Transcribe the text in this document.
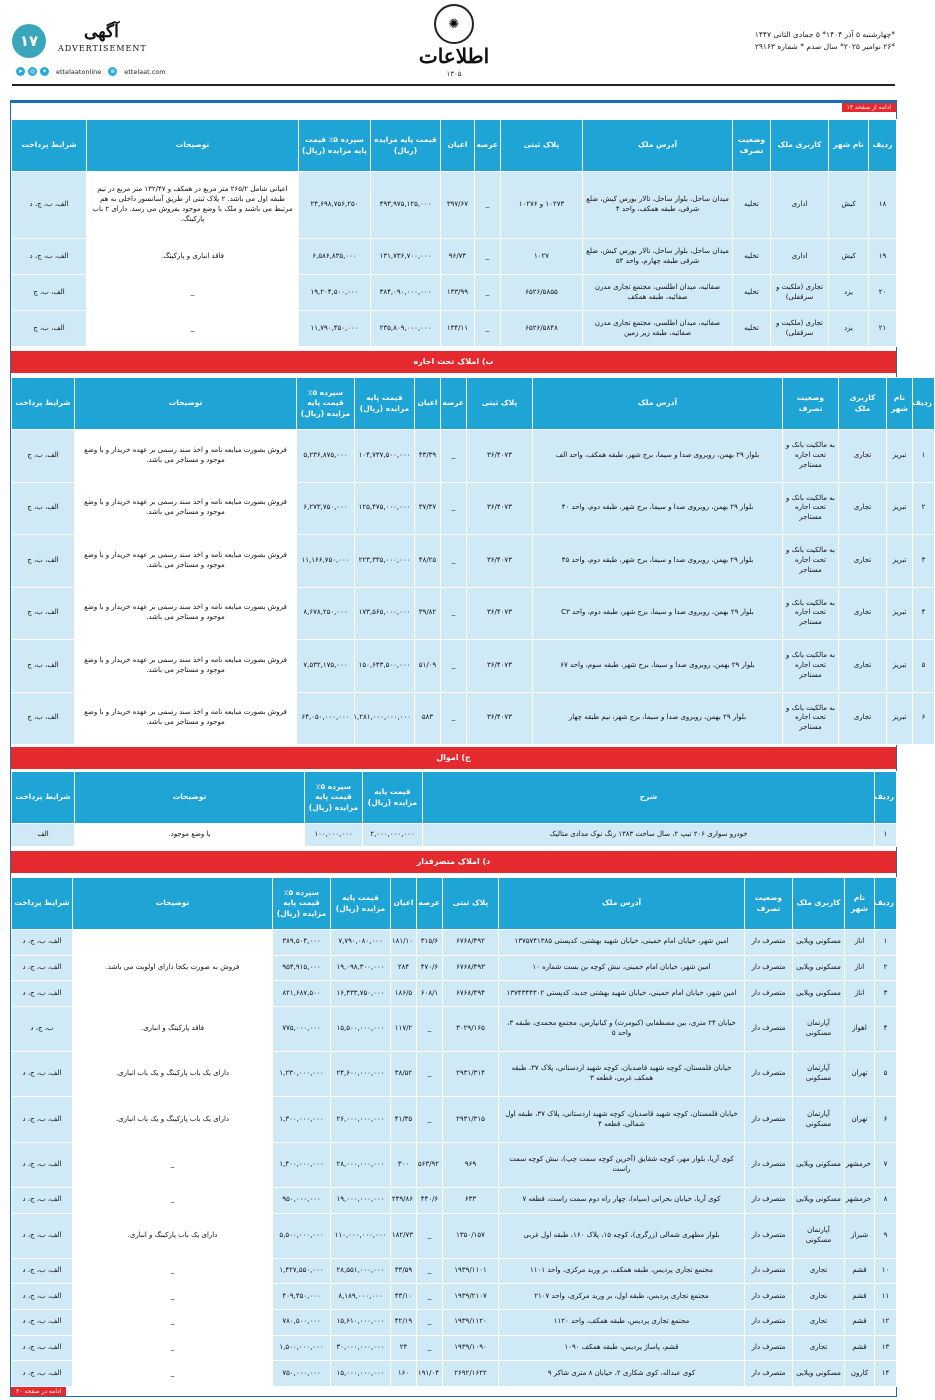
۱۷	آگهی
ADVERTISEMENT
➤	◎	✦	ettelaatonline	⊕	ettelaat.com
✺
اطلاعات
۱۳۰۵
*چهارشنبه ۵ آذر ۱۴۰۴* ۵ جمادی الثانی ۱۴۴۷
*۲۶ نوامبر ۲۰۲۵* سال صدم * شماره ۲۹۱۶۳
ادامه از صفحه ۱۴
ردیف	نام شهر	کاربری ملک	وضعیت تصرف	آدرس ملک	پلاک ثبتی	عرصه	اعیان	قیمت پایه مزایده (ریال)	سپرده ۵٪ قیمت پایه مزایده (ریال)	توضیحات	شرایط پرداخت
۱۸	کیش	اداری	تخلیه	میدان ساحل، بلوار ساحل، تالار بورس کیش، ضلع شرقی، طبقه همکف، واحد ۴	۱۰۲۷۳ و ۱۰۲۷۶	_	۳۹۷/۶۷	۴۹۳,۹۷۵,۱۲۵,۰۰۰	۲۴,۶۹۸,۷۵۶,۲۵۰	اعیانی شامل ۲۶۵/۲ متر مربع در همکف و ۱۳۲/۴۷ متر مربع در نیم طبقه اول می باشد. ۲ پلاک ثبتی از طریق آسانسور داخلی به هم مرتبط می باشند و ملک با وضع موجود بفروش می رسد. دارای ۲ باب پارکینگ.	الف، ب، ج، د
۱۹	کیش	اداری	تخلیه	میدان ساحل، بلوار ساحل، تالار بورس کیش، ضلع شرقی طبقه چهارم، واحد ۵۴	۱۰۲۷	_	۹۶/۷۴	۱۳۱,۷۳۶,۷۰۰,۰۰۰	۶,۵۸۶,۸۳۵,۰۰۰	فاقد انباری و پارکینگ.	الف، ب، ج، د
۲۰	یزد	تجاری (ملکیت و سرقفلی)	تخلیه	صفائیه، میدان اطلسی، مجتمع تجاری مدرن صفائیه، طبقه همکف	۶۵۲۶/۵۸۵۵	_	۱۳۳/۹۹	۳۸۴,۰۹۰,۰۰۰,۰۰۰	۱۹,۲۰۴,۵۰۰,۰۰۰	_	الف، ب، ج
۲۱	یزد	تجاری (ملکیت و سرقفلی)	تخلیه	صفائیه، میدان اطلسی، مجتمع تجاری مدرن صفائیه، طبقه زیر زمین	۶۵۲۶/۵۸۴۸	_	۱۳۴/۱۱	۲۳۵,۸۰۹,۰۰۰,۰۰۰	۱۱,۷۹۰,۴۵۰,۰۰۰	_	الف، ب، ج
ب) املاک تحت اجاره
ردیف	نام شهر	کاربری ملک	وضعیت تصرف	آدرس ملک	پلاک ثبتی	عرصه	اعیان	قیمت پایه مزایده (ریال)	سپرده ۵٪ قیمت پایه مزایده (ریال)	توضیحات	شرایط پرداخت
۱	تبریز	تجاری	به مالکیت بانک و تحت اجاره مستاجر	بلوار ۲۹ بهمن، روبروی صدا و سیما، برج شهر، طبقه همکف، واحد الف	۳۶/۴۰۷۳	_	۴۳/۳۹	۱۰۴,۷۳۷,۵۰۰,۰۰۰	۵,۲۳۶,۸۷۵,۰۰۰	فروش بصورت مبایعه نامه و اخذ سند رسمی بر عهده خریدار و با وضع موجود و مستاجر می باشد.	الف، ب، ج
۲	تبریز	تجاری	به مالکیت بانک و تحت اجاره مستاجر	بلوار ۲۹ بهمن، روبروی صدا و سیما، برج شهر، طبقه دوم، واحد ۴۰	۳۶/۴۰۷۳	_	۳۷/۳۷	۱۲۵,۴۷۵,۰۰۰,۰۰۰	۶,۲۷۳,۷۵۰,۰۰۰	فروش بصورت مبایعه نامه و اخذ سند رسمی بر عهده خریدار و با وضع موجود و مستاجر می باشد.	الف، ب، ج
۳	تبریز	تجاری	به مالکیت بانک و تحت اجاره مستاجر	بلوار ۲۹ بهمن، روبروی صدا و سیما، برج شهر، طبقه دوم، واحد ۴۵	۳۶/۴۰۷۳	_	۴۸/۲۵	۲۲۳,۳۳۵,۰۰۰,۰۰۰	۱۱,۱۶۶,۷۵۰,۰۰۰	فروش بصورت مبایعه نامه و اخذ سند رسمی بر عهده خریدار و با وضع موجود و مستاجر می باشد.	الف، ب، ج
۴	تبریز	تجاری	به مالکیت بانک و تحت اجاره مستاجر	بلوار ۲۹ بهمن، روبروی صدا و سیما، برج شهر، طبقه دوم، واحد C۳	۳۶/۴۰۷۳	_	۳۹/۸۲	۱۷۳,۵۶۵,۰۰۰,۰۰۰	۸,۶۷۸,۲۵۰,۰۰۰	فروش بصورت مبایعه نامه و اخذ سند رسمی بر عهده خریدار و با وضع موجود و مستاجر می باشد.	الف، ب، ج
۵	تبریز	تجاری	به مالکیت بانک و تحت اجاره مستاجر	بلوار ۲۹ بهمن، روبروی صدا و سیما، برج شهر، طبقه سوم، واحد ۶۷	۳۶/۴۰۷۳	_	۵۱/۰۹	۱۵۰,۶۴۳,۵۰۰,۰۰۰	۷,۵۳۲,۱۷۵,۰۰۰	فروش بصورت مبایعه نامه و اخذ سند رسمی بر عهده خریدار و با وضع موجود و مستاجر می باشد.	الف، ب، ج
۶	تبریز	تجاری	به مالکیت بانک و تحت اجاره مستاجر	بلوار ۲۹ بهمن، روبروی صدا و سیما، برج شهر، نیم طبقه چهار	۳۶/۴۰۷۳	_	۵۸۳	۱,۲۸۱,۰۰۰,۰۰۰,۰۰۰	۶۴,۰۵۰,۰۰۰,۰۰۰	فروش بصورت مبایعه نامه و اخذ سند رسمی بر عهده خریدار و با وضع موجود و مستاجر می باشد.	الف، ب، ج
ج) اموال
ردیف	شرح	قیمت پایه مزایده (ریال)	سپرده ۵٪ قیمت پایه مزایده (ریال)	توضیحات	شرایط پرداخت
۱	خودرو سواری ۲۰۶ تیپ ۲، سال ساخت ۱۳۸۳ رنگ نوک مدادی متالیک	۲,۰۰۰,۰۰۰,۰۰۰	۱۰۰,۰۰۰,۰۰۰	با وضع موجود.	الف
د) املاک متصرفدار
ردیف	نام شهر	کاربری ملک	وضعیت تصرف	آدرس ملک	پلاک ثبتی	عرصه	اعیان	قیمت پایه مزایده (ریال)	سپرده ۵٪ قیمت پایه مزایده (ریال)	توضیحات	شرایط پرداخت
۱	اناز	مسکونی ویلایی	متصرف دار	امین شهر، خیابان امام خمینی، خیابان شهید بهشتی، کدپستی ۱۳۷۵۷۴۱۳۸۵	۶۷۶۸/۴۹۲	۳۱۵/۶	۱۸۱/۱۰	۷,۷۹۰,۰۸۰,۰۰۰	۳۸۹,۵۰۴,۰۰۰	فروش به صورت یکجا دارای اولویت می باشد.	الف، ب، ج، د
۲	اناز	مسکونی ویلایی	متصرف دار	امین شهر، خیابان امام خمینی، نبش کوچه بن بست شماره ۱۰	۶۷۶۸/۴۹۳	۴۷۰/۶	۲۸۴	۱۹,۰۹۸,۳۰۰,۰۰۰	۹۵۴,۹۱۵,۰۰۰		الف، ب، ج، د
۳	اناز	مسکونی ویلایی	متصرف دار	امین شهر، خیابان امام خمینی، خیابان شهید بهشتی جدید، کدپستی ۱۳۷۴۳۴۴۳۰۲	۶۷۶۸/۴۹۴	۶۰۸/۱	۱۸۶/۵	۱۶,۴۳۳,۷۵۰,۰۰۰	۸۲۱,۶۸۷,۵۰۰		الف، ب، ج، د
۴	اهواز	آپارتمان مسکونی	متصرف دار	خیابان ۲۴ متری، بین مصطفایی (کیومرث) و کیانپارس، مجتمع محمدی، طبقه ۳، واحد ۵	۳۰۲۹/۱۶۵	_	۱۱۷/۲	۱۵,۵۰۰,۰۰۰,۰۰۰	۷۷۵,۰۰۰,۰۰۰	فاقد پارکینگ و انباری.	ب، ج، د
۵	تهران	آپارتمان مسکونی	متصرف دار	خیابان قلمستان، کوچه شهید قاصدیان، کوچه شهید اردستانی، پلاک ۳۷، طبقه همکف غربی، قطعه ۳	۲۹۳۱/۳۱۴	_	۳۸/۵۲	۲۴,۶۰۰,۰۰۰,۰۰۰	۱,۲۳۰,۰۰۰,۰۰۰	دارای یک باب پارکینگ و یک باب انباری.	الف، ب، ج، د
۶	تهران	آپارتمان مسکونی	متصرف دار	خیابان قلمستان، کوچه شهید قاصدیان، کوچه شهید اردستانی، پلاک ۳۷، طبقه اول شمالی، قطعه ۴	۲۹۳۱/۳۱۵	_	۴۱/۳۵	۲۶,۰۰۰,۰۰۰,۰۰۰	۱,۳۰۰,۰۰۰,۰۰۰	دارای یک باب پارکینگ و یک باب انباری.	الف، ب، ج، د
۷	خرمشهر	مسکونی ویلایی	متصرف دار	کوی آریا، بلوار مهر، کوچه شقایق (آخرین کوچه سمت چپ)، نبش کوچه سمت راست	۹۶۹	۵۶۳/۹۲	۳۰۰	۲۸,۰۰۰,۰۰۰,۰۰۰	۱,۴۰۰,۰۰۰,۰۰۰	_	الف، ب، ج، د
۸	خرمشهر	مسکونی ویلایی	متصرف دار	کوی آریا، خیابان بحرانی (سپاه)، چهار راه دوم سمت راست، قطعه ۷	۶۳۳	۴۴۰/۶	۲۴۹/۸۶	۱۹,۰۰۰,۰۰۰,۰۰۰	۹۵۰,۰۰۰,۰۰۰	_	الف، ب، ج، د
۹	شیراز	آپارتمان مسکونی	متصرف دار	بلوار مطهری شمالی (زرگری)، کوچه ۱۵، پلاک ۱۶۰، طبقه اول غربی	۱۳۵۰/۱۵۷	_	۱۸۲/۷۳	۱۱۰,۰۰۰,۰۰۰,۰۰۰	۵,۵۰۰,۰۰۰,۰۰۰	دارای یک باب پارکینگ و انباری.	الف، ب، ج، د
۱۰	قشم	تجاری	متصرف دار	مجتمع تجاری پردیس، طبقه همکف، بر ورید مرکزی، واحد ۱۱۰۱	۱۹۳۹/۱۱۰۱	_	۳۳/۵۹	۲۸,۵۵۱,۰۰۰,۰۰۰	۱,۴۲۷,۵۵۰,۰۰۰	_	الف، ب، ج، د
۱۱	قشم	تجاری	متصرف دار	مجتمع تجاری پردیس، طبقه اول، بر ورید مرکزی، واحد ۲۱۰۷	۱۹۳۹/۲۱۰۷	_	۴۳/۱۰	۸,۱۸۹,۰۰۰,۰۰۰	۴۰۹,۴۵۰,۰۰۰	_	الف، ب، ج، د
۱۲	قشم	تجاری	متصرف دار	مجتمع تجاری پردیس، طبقه همکف، واحد ۱۱۲۰	۱۹۳۹/۱۱۲۰	_	۴۲/۱۹	۱۵,۶۱۰,۰۰۰,۰۰۰	۷۸۰,۵۰۰,۰۰۰	_	الف، ب، ج، د
۱۳	قشم	تجاری	متصرف دار	قشم، پاساژ پردیس، طبقه همکف ۱۰۹۰	۱۹۳۹/۱۰۹۰	_	۲۴	۳۰,۰۰۰,۰۰۰,۰۰۰	۱,۵۰۰,۰۰۰,۰۰۰	_	الف، ب، ج، د
۱۴	کارون	مسکونی ویلایی	متصرف دار	کوی عبداله، کوی شکاری ۲، خیابان ۸ متری شاکر ۹	۲۶۹۲/۱۶۲۲	۱۹۱/۰۴	۱۶۰	۱۵,۰۰۰,۰۰۰,۰۰۰	۷۵۰,۰۰۰,۰۰۰	_	الف، ب، ج، د
ادامه در صفحه ۲۰
